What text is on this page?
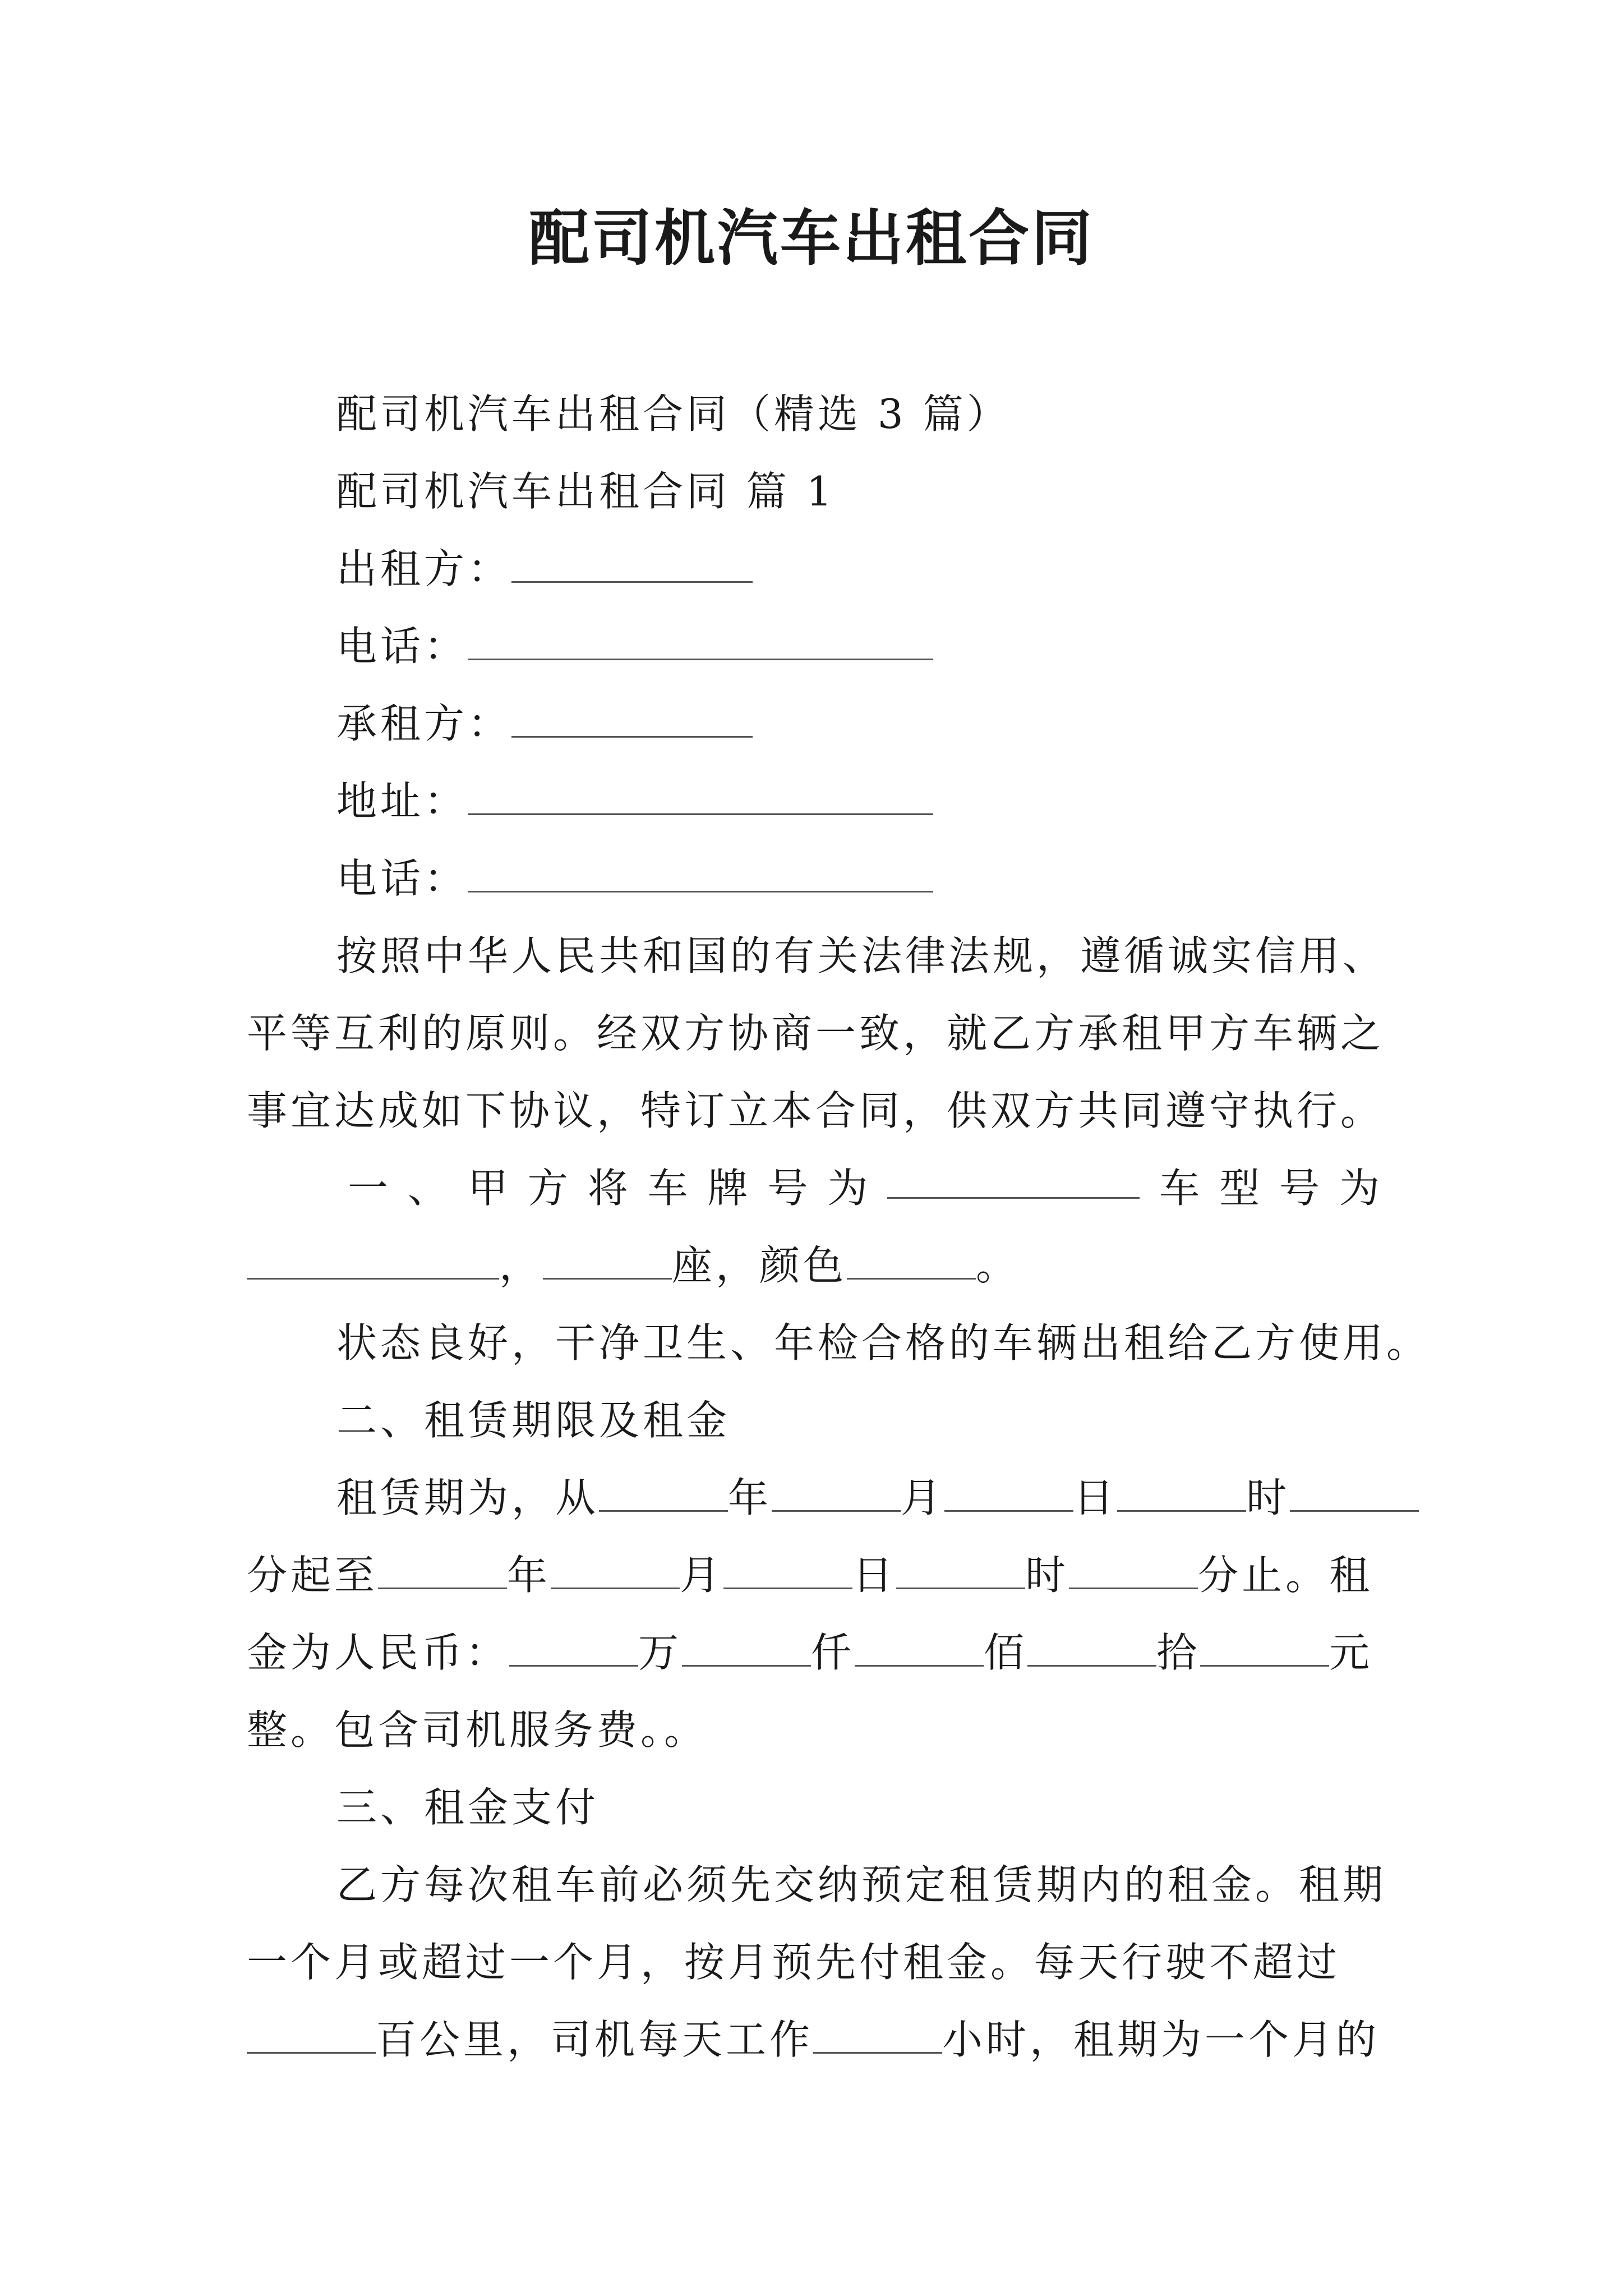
配司机汽车出租合同
配司机汽车出租合同（精选 3 篇）
配司机汽车出租合同 篇 1
出租方：
电话：
承租方：
地址：
电话：
按照中华人民共和国的有关法律法规，遵循诚实信用、
平等互利的原则。经双方协商一致，就乙方承租甲方车辆之
事宜达成如下协议，特订立本合同，供双方共同遵守执行。
一 、 甲 方 将 车 牌 号 为	车 型 号 为
，	座，颜色	。
状态良好，干净卫生、年检合格的车辆出租给乙方使用。
二、租赁期限及租金
租赁期为，从	年	月	日	时
分起至	年	月	日	时	分止。租
金为人民币：	万	仟	佰	拾	元
整。包含司机服务费。。
三、租金支付
乙方每次租车前必须先交纳预定租赁期内的租金。租期
一个月或超过一个月，按月预先付租金。每天行驶不超过
百公里，司机每天工作	小时，租期为一个月的
